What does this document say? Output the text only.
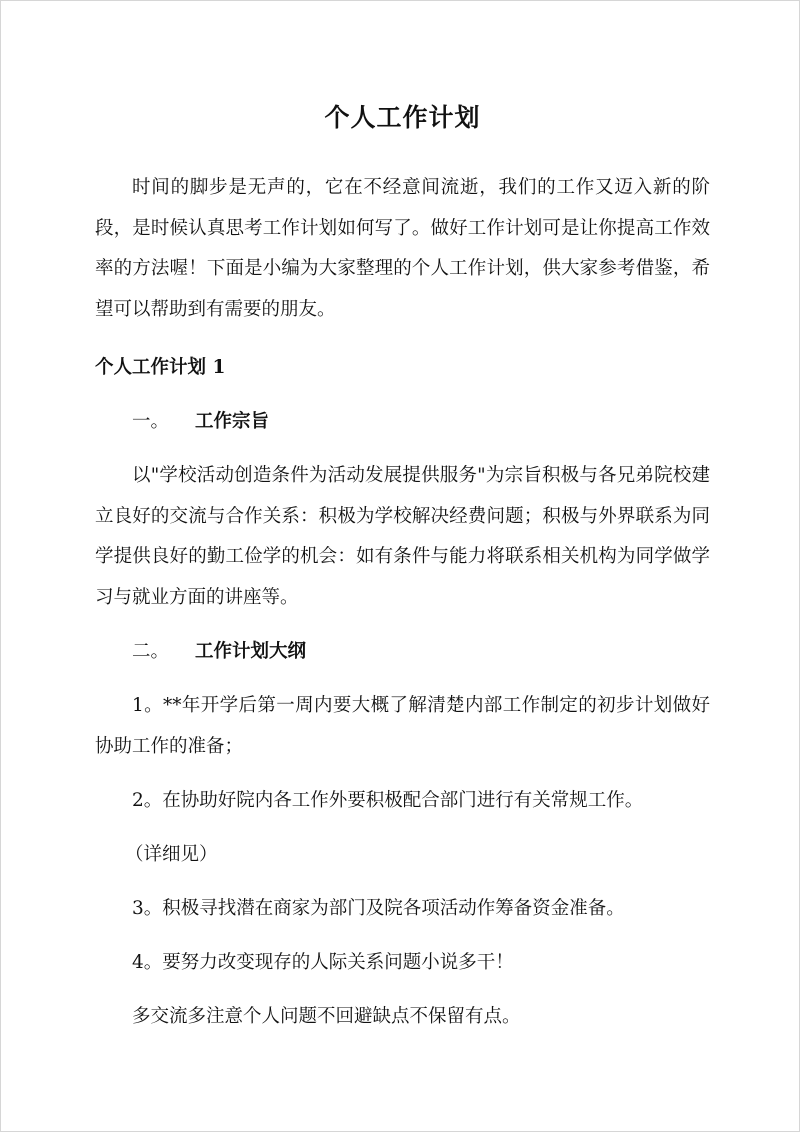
个人工作计划

时间的脚步是无声的，它在不经意间流逝，我们的工作又迈入新的阶段，是时候认真思考工作计划如何写了。做好工作计划可是让你提高工作效率的方法喔！下面是小编为大家整理的个人工作计划，供大家参考借鉴，希望可以帮助到有需要的朋友。

个人工作计划 1
一。 工作宗旨

以"学校活动创造条件为活动发展提供服务"为宗旨积极与各兄弟院校建立良好的交流与合作关系：积极为学校解决经费问题；积极与外界联系为同学提供良好的勤工俭学的机会：如有条件与能力将联系相关机构为同学做学习与就业方面的讲座等。

二。 工作计划大纲

1。**年开学后第一周内要大概了解清楚内部工作制定的初步计划做好协助工作的准备；

2。在协助好院内各工作外要积极配合部门进行有关常规工作。

（详细见）

3。积极寻找潜在商家为部门及院各项活动作筹备资金准备。

4。要努力改变现存的人际关系问题小说多干！

多交流多注意个人问题不回避缺点不保留有点。
